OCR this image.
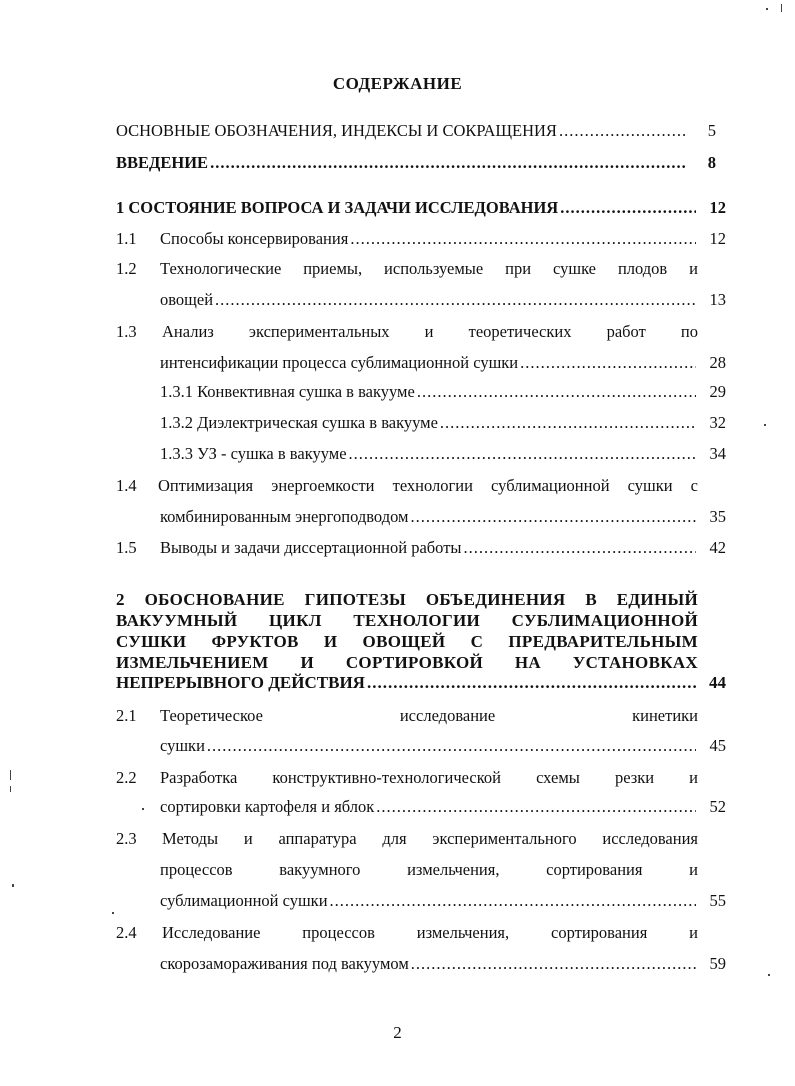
СОДЕРЖАНИЕ
ОСНОВНЫЕ ОБОЗНАЧЕНИЯ, ИНДЕКСЫ И СОКРАЩЕНИЯ .....	5
ВВЕДЕНИЕ .....	8
1 СОСТОЯНИЕ ВОПРОСА И ЗАДАЧИ ИССЛЕДОВАНИЯ .....	12
1.1 Способы консервирования .....	12
1.2 Технологические приемы, используемые при сушке плодов и
овощей .....	13
1.3 Анализ экспериментальных и теоретических работ по
интенсификации процесса сублимационной сушки .....	28
1.3.1 Конвективная сушка в вакууме .....	29
1.3.2 Диэлектрическая сушка в вакууме .....	32
1.3.3 УЗ - сушка в вакууме .....	34
1.4 Оптимизация энергоемкости технологии сублимационной сушки с
комбинированным энергоподводом .....	35
1.5 Выводы и задачи диссертационной работы .....	42
2 ОБОСНОВАНИЕ ГИПОТЕЗЫ ОБЪЕДИНЕНИЯ В ЕДИНЫЙ
ВАКУУМНЫЙ ЦИКЛ ТЕХНОЛОГИИ СУБЛИМАЦИОННОЙ
СУШКИ ФРУКТОВ И ОВОЩЕЙ С ПРЕДВАРИТЕЛЬНЫМ
ИЗМЕЛЬЧЕНИЕМ И СОРТИРОВКОЙ НА УСТАНОВКАХ
НЕПРЕРЫВНОГО ДЕЙСТВИЯ .....	44
2.1 Теоретическое исследование кинетики
сушки .....	45
2.2 Разработка конструктивно-технологической схемы резки и
сортировки картофеля и яблок .....	52
2.3 Методы и аппаратура для экспериментального исследования
процессов вакуумного измельчения, сортирования и
сублимационной сушки .....	55
2.4 Исследование процессов измельчения, сортирования и
скорозамораживания под вакуумом .....	59
2
